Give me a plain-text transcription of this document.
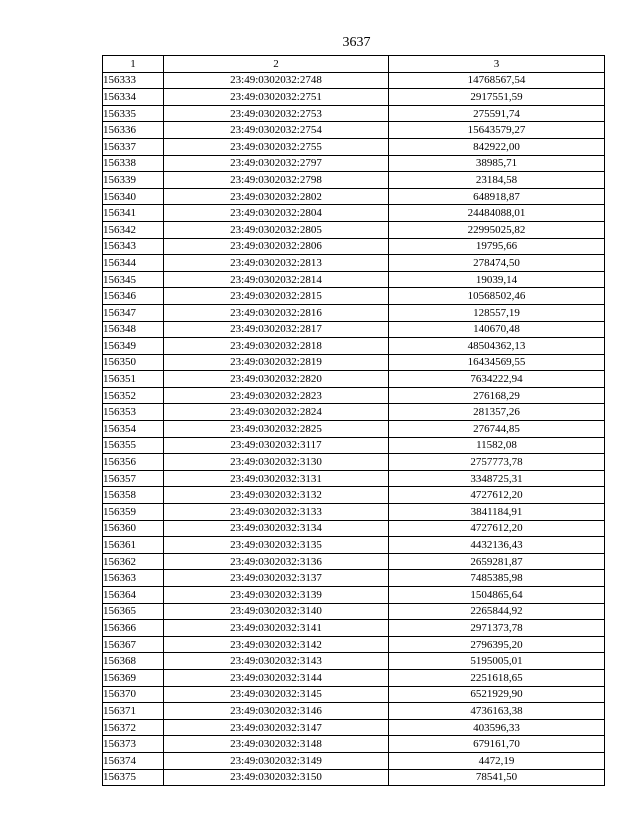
3637
1	2	3
156333	23:49:0302032:2748	14768567,54
156334	23:49:0302032:2751	2917551,59
156335	23:49:0302032:2753	275591,74
156336	23:49:0302032:2754	15643579,27
156337	23:49:0302032:2755	842922,00
156338	23:49:0302032:2797	38985,71
156339	23:49:0302032:2798	23184,58
156340	23:49:0302032:2802	648918,87
156341	23:49:0302032:2804	24484088,01
156342	23:49:0302032:2805	22995025,82
156343	23:49:0302032:2806	19795,66
156344	23:49:0302032:2813	278474,50
156345	23:49:0302032:2814	19039,14
156346	23:49:0302032:2815	10568502,46
156347	23:49:0302032:2816	128557,19
156348	23:49:0302032:2817	140670,48
156349	23:49:0302032:2818	48504362,13
156350	23:49:0302032:2819	16434569,55
156351	23:49:0302032:2820	7634222,94
156352	23:49:0302032:2823	276168,29
156353	23:49:0302032:2824	281357,26
156354	23:49:0302032:2825	276744,85
156355	23:49:0302032:3117	11582,08
156356	23:49:0302032:3130	2757773,78
156357	23:49:0302032:3131	3348725,31
156358	23:49:0302032:3132	4727612,20
156359	23:49:0302032:3133	3841184,91
156360	23:49:0302032:3134	4727612,20
156361	23:49:0302032:3135	4432136,43
156362	23:49:0302032:3136	2659281,87
156363	23:49:0302032:3137	7485385,98
156364	23:49:0302032:3139	1504865,64
156365	23:49:0302032:3140	2265844,92
156366	23:49:0302032:3141	2971373,78
156367	23:49:0302032:3142	2796395,20
156368	23:49:0302032:3143	5195005,01
156369	23:49:0302032:3144	2251618,65
156370	23:49:0302032:3145	6521929,90
156371	23:49:0302032:3146	4736163,38
156372	23:49:0302032:3147	403596,33
156373	23:49:0302032:3148	679161,70
156374	23:49:0302032:3149	4472,19
156375	23:49:0302032:3150	78541,50
